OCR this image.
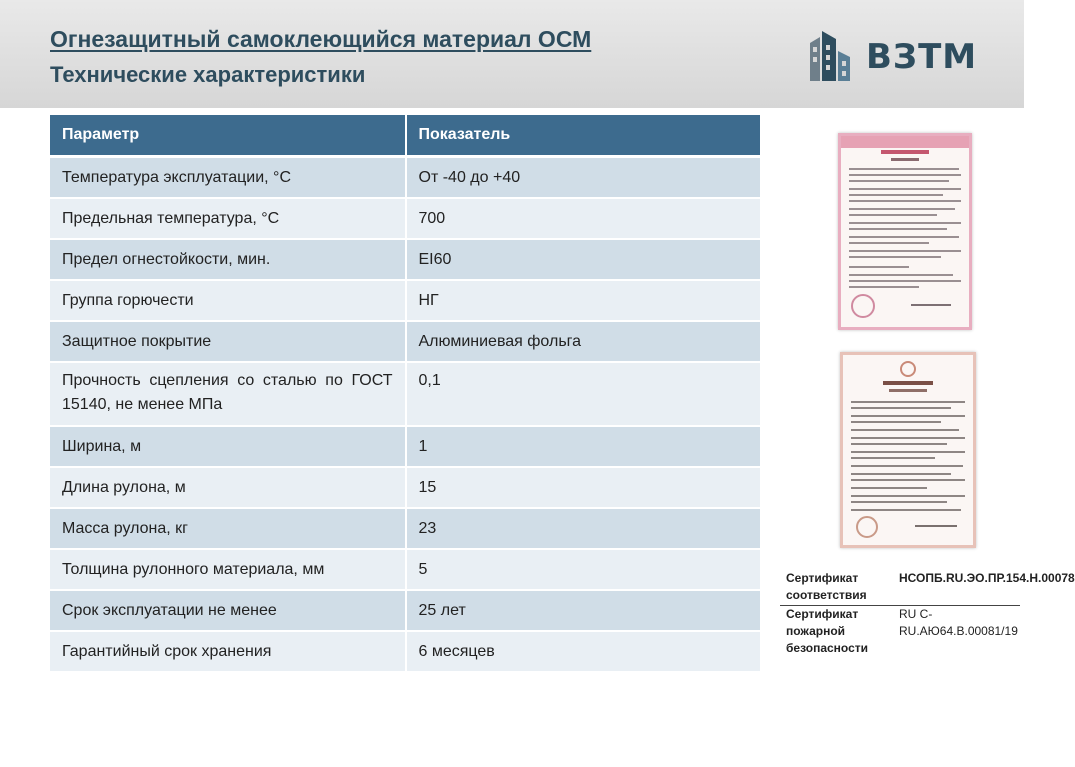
Огнезащитный самоклеющийся материал ОСМ
Технические характеристики	ВЗТМ
Параметр	Показатель
Температура эксплуатации, °С	От -40 до +40
Предельная температура, °С	700
Предел огнестойкости, мин.	EI60
Группа горючести	НГ
Защитное покрытие	Алюминиевая фольга
Прочность сцепления со сталью по ГОСТ 15140, не менее МПа	0,1
Ширина, м	1
Длина рулона, м	15
Масса рулона, кг	23
Толщина рулонного материала, мм	5
Срок эксплуатации не менее	25 лет
Гарантийный срок хранения	6 месяцев
Сертификат соответствия	НСОПБ.RU.ЭО.ПР.154.Н.00078
Сертификат пожарной безопасности	RU C-RU.АЮ64.В.00081/19
